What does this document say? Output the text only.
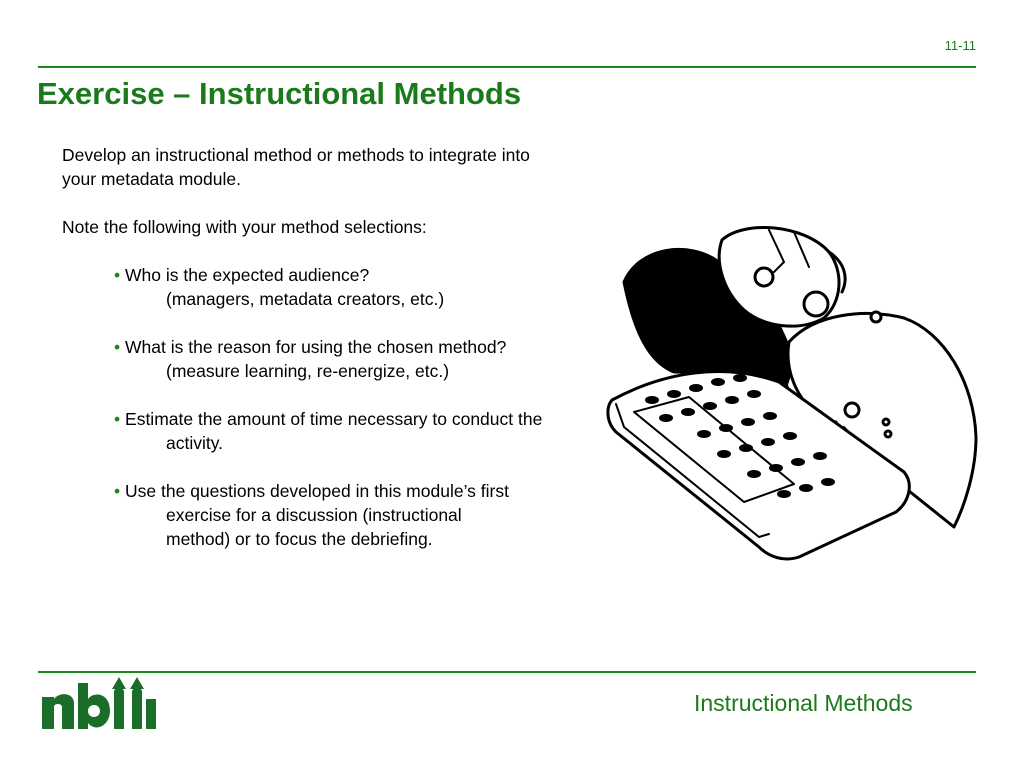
11-11
Exercise – Instructional Methods

Develop an instructional method or methods to integrate into

your metadata module.

Note the following with your method selections:

• Who is the expected audience?
(managers, metadata creators, etc.)
• What is the reason for using the chosen method?
(measure learning, re-energize, etc.)
• Estimate the amount of time necessary to conduct the
activity.
• Use the questions developed in this module’s first
exercise for a discussion (instructional
method) or to focus the debriefing.
Instructional Methods
